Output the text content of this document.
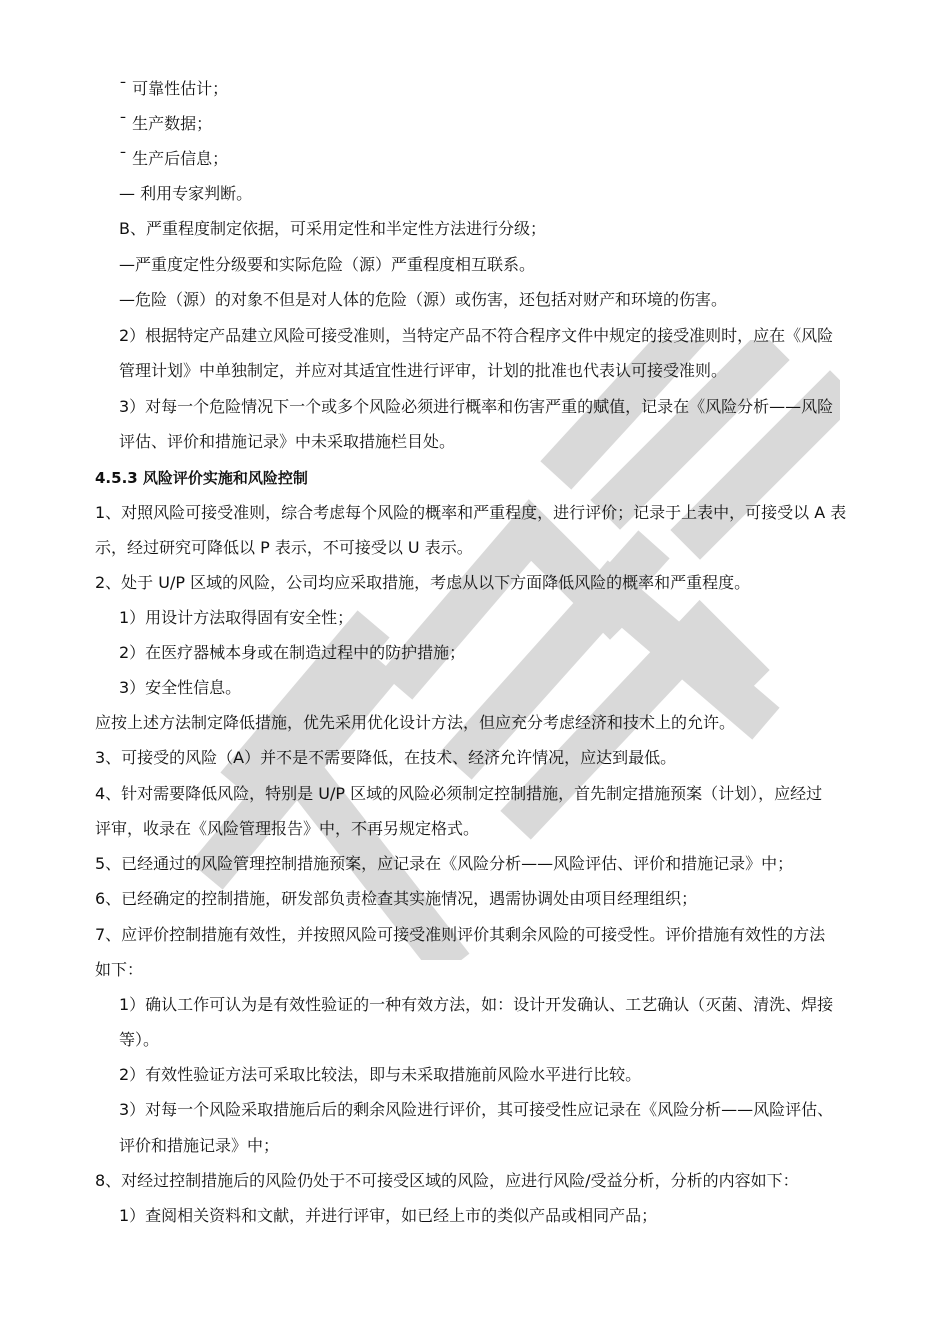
¯ 可靠性估计；
¯ 生产数据；
¯ 生产后信息；
— 利用专家判断。
B、严重程度制定依据，可采用定性和半定性方法进行分级；
—严重度定性分级要和实际危险（源）严重程度相互联系。
—危险（源）的对象不但是对人体的危险（源）或伤害，还包括对财产和环境的伤害。
2）根据特定产品建立风险可接受准则，当特定产品不符合程序文件中规定的接受准则时，应在《风险
管理计划》中单独制定，并应对其适宜性进行评审，计划的批准也代表认可接受准则。
3）对每一个危险情况下一个或多个风险必须进行概率和伤害严重的赋值，记录在《风险分析——风险
评估、评价和措施记录》中未采取措施栏目处。
4.5.3 风险评价实施和风险控制
1、对照风险可接受准则，综合考虑每个风险的概率和严重程度，进行评价；记录于上表中，可接受以 A 表
示，经过研究可降低以 P 表示，不可接受以 U 表示。
2、处于 U/P 区域的风险，公司均应采取措施，考虑从以下方面降低风险的概率和严重程度。
1）用设计方法取得固有安全性；
2）在医疗器械本身或在制造过程中的防护措施；
3）安全性信息。
应按上述方法制定降低措施，优先采用优化设计方法，但应充分考虑经济和技术上的允许。
3、可接受的风险（A）并不是不需要降低，在技术、经济允许情况，应达到最低。
4、针对需要降低风险，特别是 U/P 区域的风险必须制定控制措施，首先制定措施预案（计划），应经过
评审，收录在《风险管理报告》中，不再另规定格式。
5、已经通过的风险管理控制措施预案，应记录在《风险分析——风险评估、评价和措施记录》中；
6、已经确定的控制措施，研发部负责检查其实施情况，遇需协调处由项目经理组织；
7、应评价控制措施有效性，并按照风险可接受准则评价其剩余风险的可接受性。评价措施有效性的方法
如下：
1）确认工作可认为是有效性验证的一种有效方法，如：设计开发确认、工艺确认（灭菌、清洗、焊接
等）。
2）有效性验证方法可采取比较法，即与未采取措施前风险水平进行比较。
3）对每一个风险采取措施后后的剩余风险进行评价，其可接受性应记录在《风险分析——风险评估、
评价和措施记录》中；
8、对经过控制措施后的风险仍处于不可接受区域的风险，应进行风险/受益分析，分析的内容如下：
1）查阅相关资料和文献，并进行评审，如已经上市的类似产品或相同产品；
